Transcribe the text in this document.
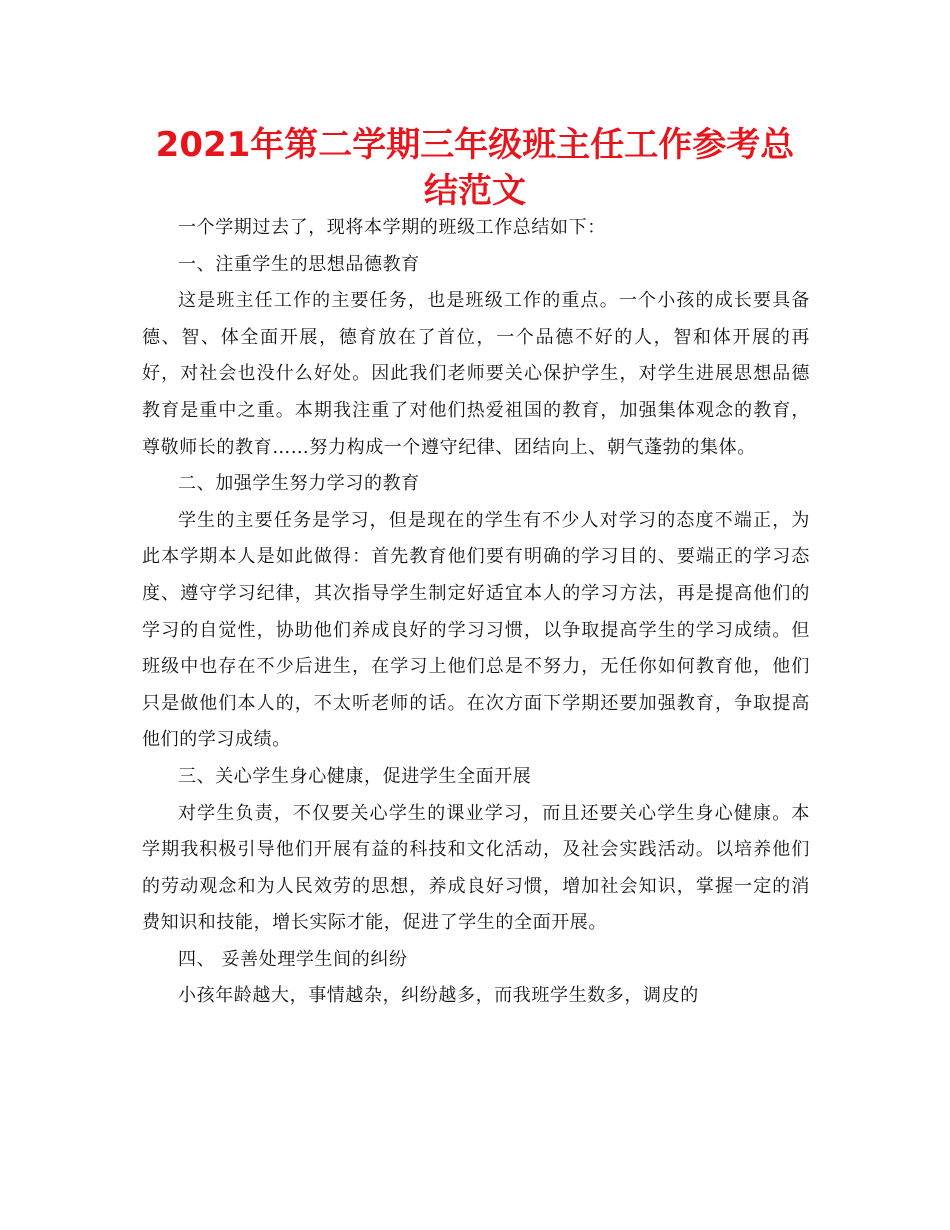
2021年第二学期三年级班主任工作参考总结范文

一个学期过去了，现将本学期的班级工作总结如下：

一、注重学生的思想品德教育

这是班主任工作的主要任务，也是班级工作的重点。一个小孩的成长要具备德、智、体全面开展，德育放在了首位，一个品德不好的人，智和体开展的再好，对社会也没什么好处。因此我们老师要关心保护学生，对学生进展思想品德教育是重中之重。本期我注重了对他们热爱祖国的教育，加强集体观念的教育，尊敬师长的教育……努力构成一个遵守纪律、团结向上、朝气蓬勃的集体。

二、加强学生努力学习的教育

学生的主要任务是学习，但是现在的学生有不少人对学习的态度不端正，为此本学期本人是如此做得：首先教育他们要有明确的学习目的、要端正的学习态度、遵守学习纪律，其次指导学生制定好适宜本人的学习方法，再是提高他们的学习的自觉性，协助他们养成良好的学习习惯，以争取提高学生的学习成绩。但班级中也存在不少后进生，在学习上他们总是不努力，无任你如何教育他，他们只是做他们本人的，不太听老师的话。在次方面下学期还要加强教育，争取提高他们的学习成绩。

三、关心学生身心健康，促进学生全面开展

对学生负责，不仅要关心学生的课业学习，而且还要关心学生身心健康。本学期我积极引导他们开展有益的科技和文化活动，及社会实践活动。以培养他们的劳动观念和为人民效劳的思想，养成良好习惯，增加社会知识，掌握一定的消费知识和技能，增长实际才能，促进了学生的全面开展。

四、 妥善处理学生间的纠纷

小孩年龄越大，事情越杂，纠纷越多，而我班学生数多，调皮的
